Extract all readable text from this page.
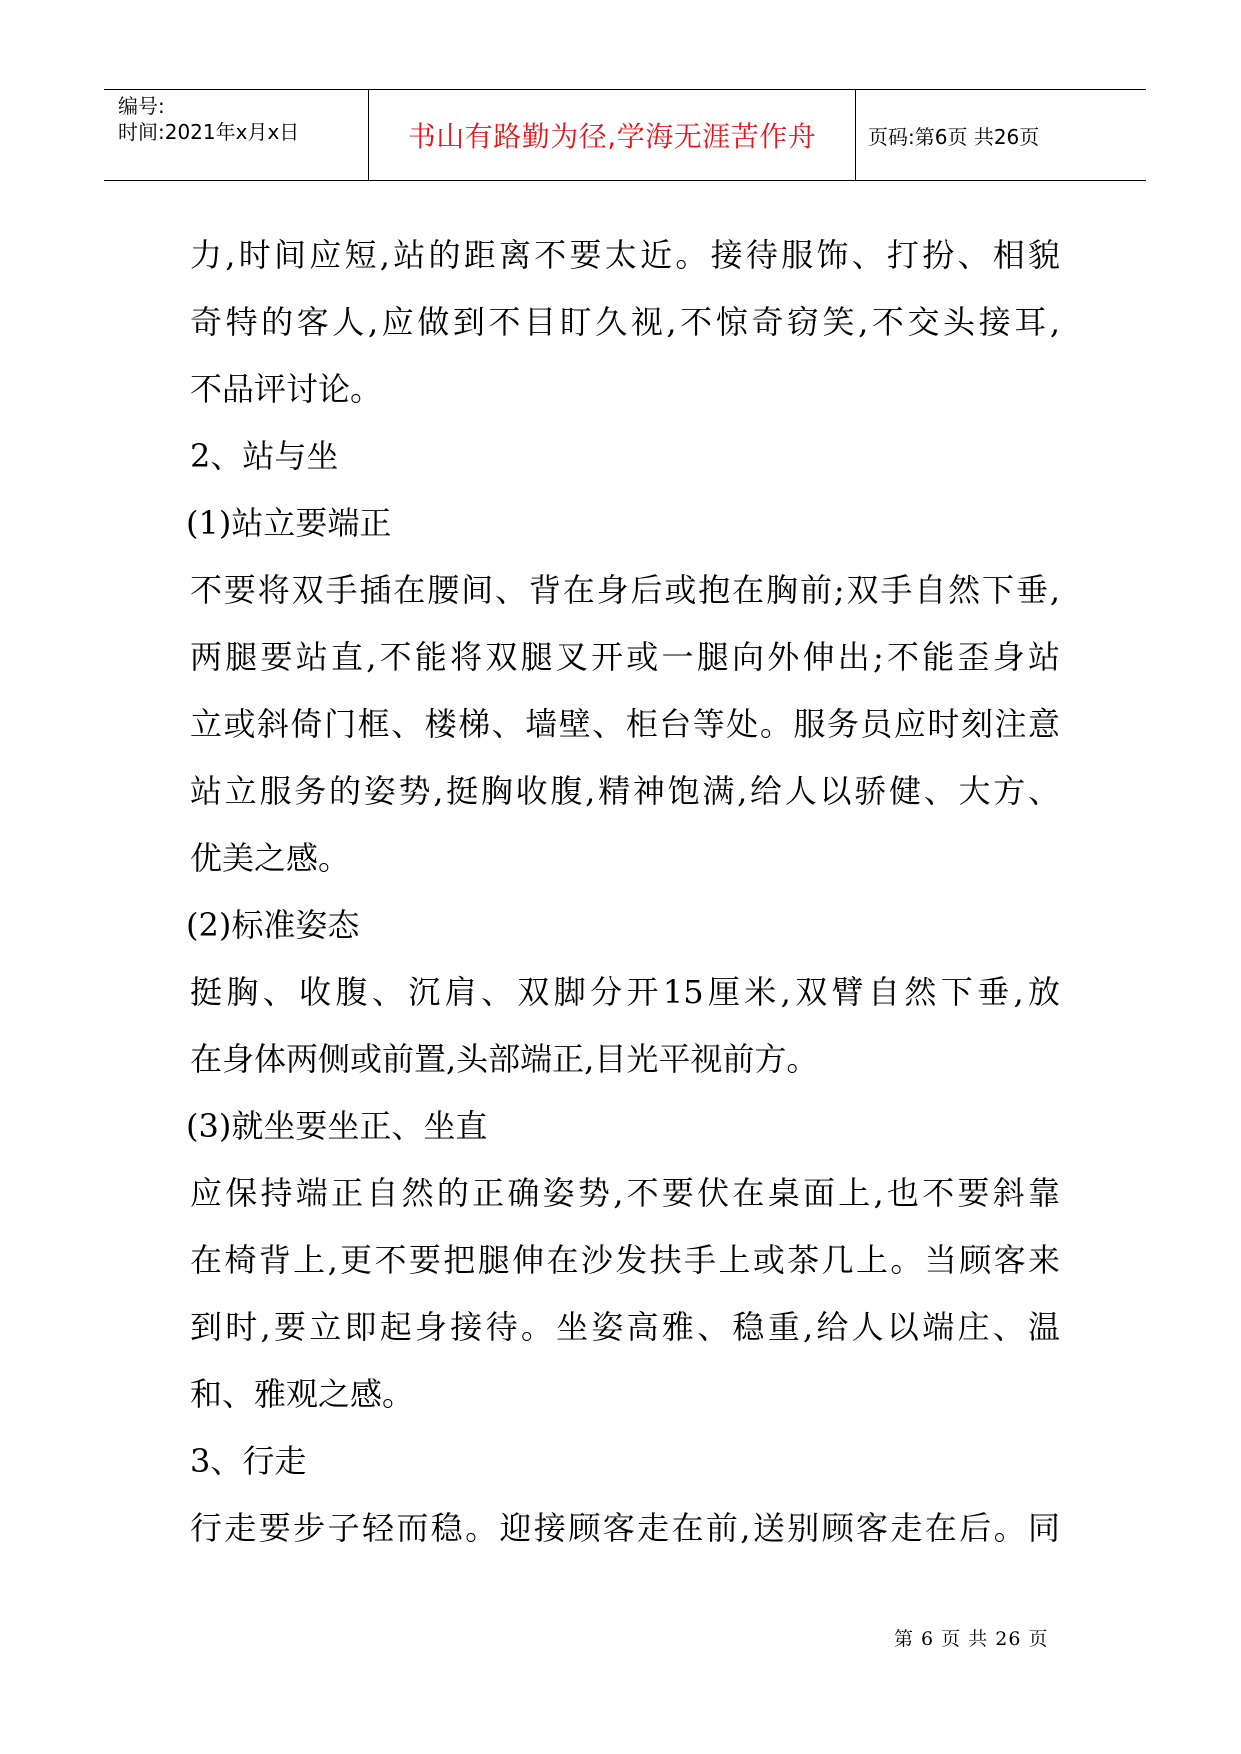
编号:
时间:2021年x月x日	书山有路勤为径,学海无涯苦作舟	页码:第6页 共26页
力,时间应短,站的距离不要太近。接待服饰、打扮、相貌
奇特的客人,应做到不目盯久视,不惊奇窃笑,不交头接耳,
不品评讨论。
2、站与坐
(1)站立要端正
不要将双手插在腰间、背在身后或抱在胸前;双手自然下垂,
两腿要站直,不能将双腿叉开或一腿向外伸出;不能歪身站
立或斜倚门框、楼梯、墙壁、柜台等处。服务员应时刻注意
站立服务的姿势,挺胸收腹,精神饱满,给人以骄健、大方、
优美之感。
(2)标准姿态
挺胸、收腹、沉肩、双脚分开15厘米,双臂自然下垂,放
在身体两侧或前置,头部端正,目光平视前方。
(3)就坐要坐正、坐直
应保持端正自然的正确姿势,不要伏在桌面上,也不要斜靠
在椅背上,更不要把腿伸在沙发扶手上或茶几上。当顾客来
到时,要立即起身接待。坐姿高雅、稳重,给人以端庄、温
和、雅观之感。
3、行走
行走要步子轻而稳。迎接顾客走在前,送别顾客走在后。同
第 6 页 共 26 页
